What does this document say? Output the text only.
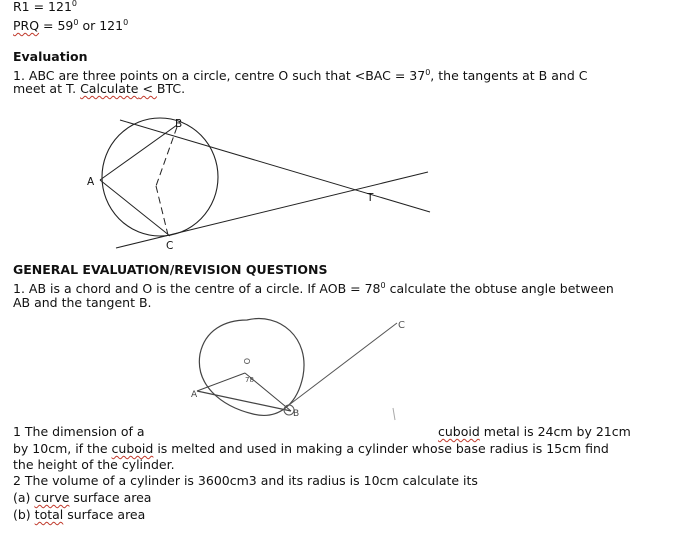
$R1 = 121^0$

PRQ = $59^0$ or $121^0$

Evaluation

1. ABC are three points on a circle, centre O such that $<BAC = 37^0$, the tangents at B and C

meet at T. Calculate < BTC.

B
A
C
T

GENERAL EVALUATION/REVISION QUESTIONS

1. AB is a chord and O is the centre of a circle. If AOB = $78^0$ calculate the obtuse angle between

AB and the tangent B.

O
78
A
B
C

1 The dimension of a	cuboid metal is 24cm by 21cm

by 10cm, if the cuboid is melted and used in making a cylinder whose base radius is 15cm find

the height of the cylinder.

2 The volume of a cylinder is 3600cm3 and its radius is 10cm calculate its

(a) curve surface area

(b) total surface area
